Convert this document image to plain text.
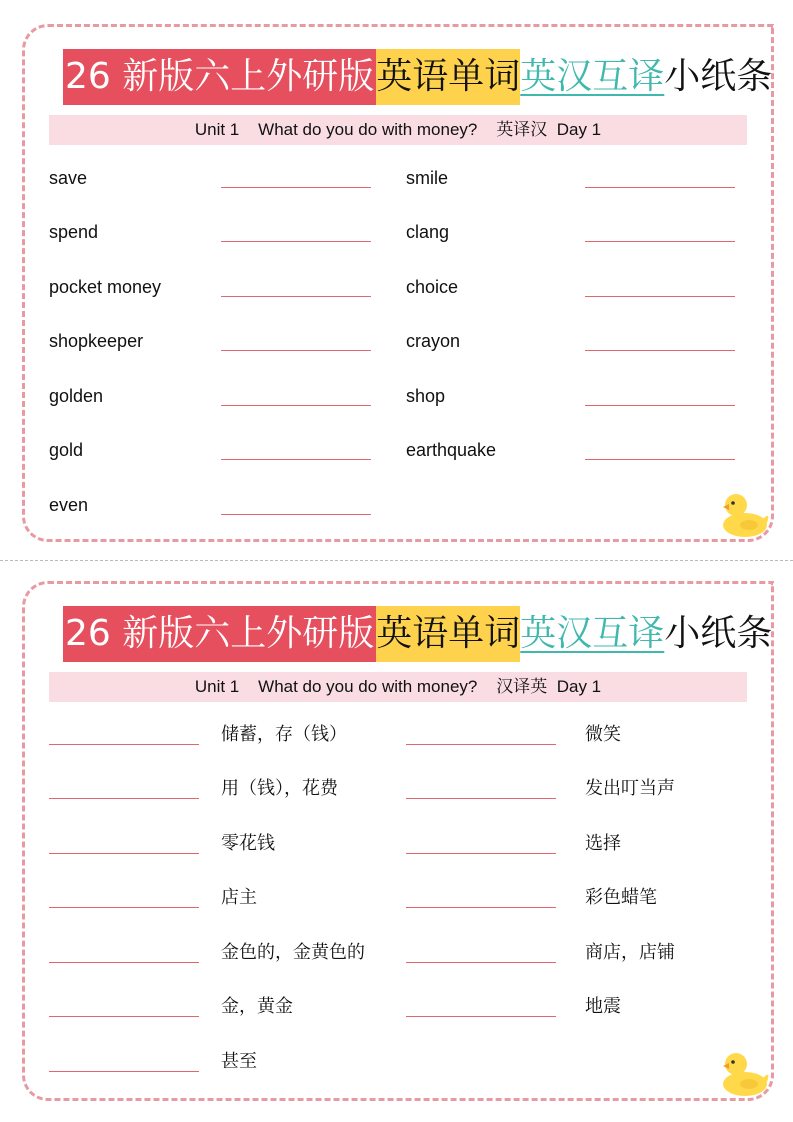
26 新版六上外研版 英语单词 英汉互译 小纸条
Unit 1    What do you do with money?    英译汉  Day 1
save
spend
pocket money
shopkeeper
golden
gold
even
smile
clang
choice
crayon
shop
earthquake
26 新版六上外研版 英语单词 英汉互译 小纸条
Unit 1    What do you do with money?    汉译英  Day 1
储蓄，存（钱）
用（钱），花费
零花钱
店主
金色的，金黄色的
金，黄金
甚至
微笑
发出叮当声
选择
彩色蜡笔
商店，店铺
地震
